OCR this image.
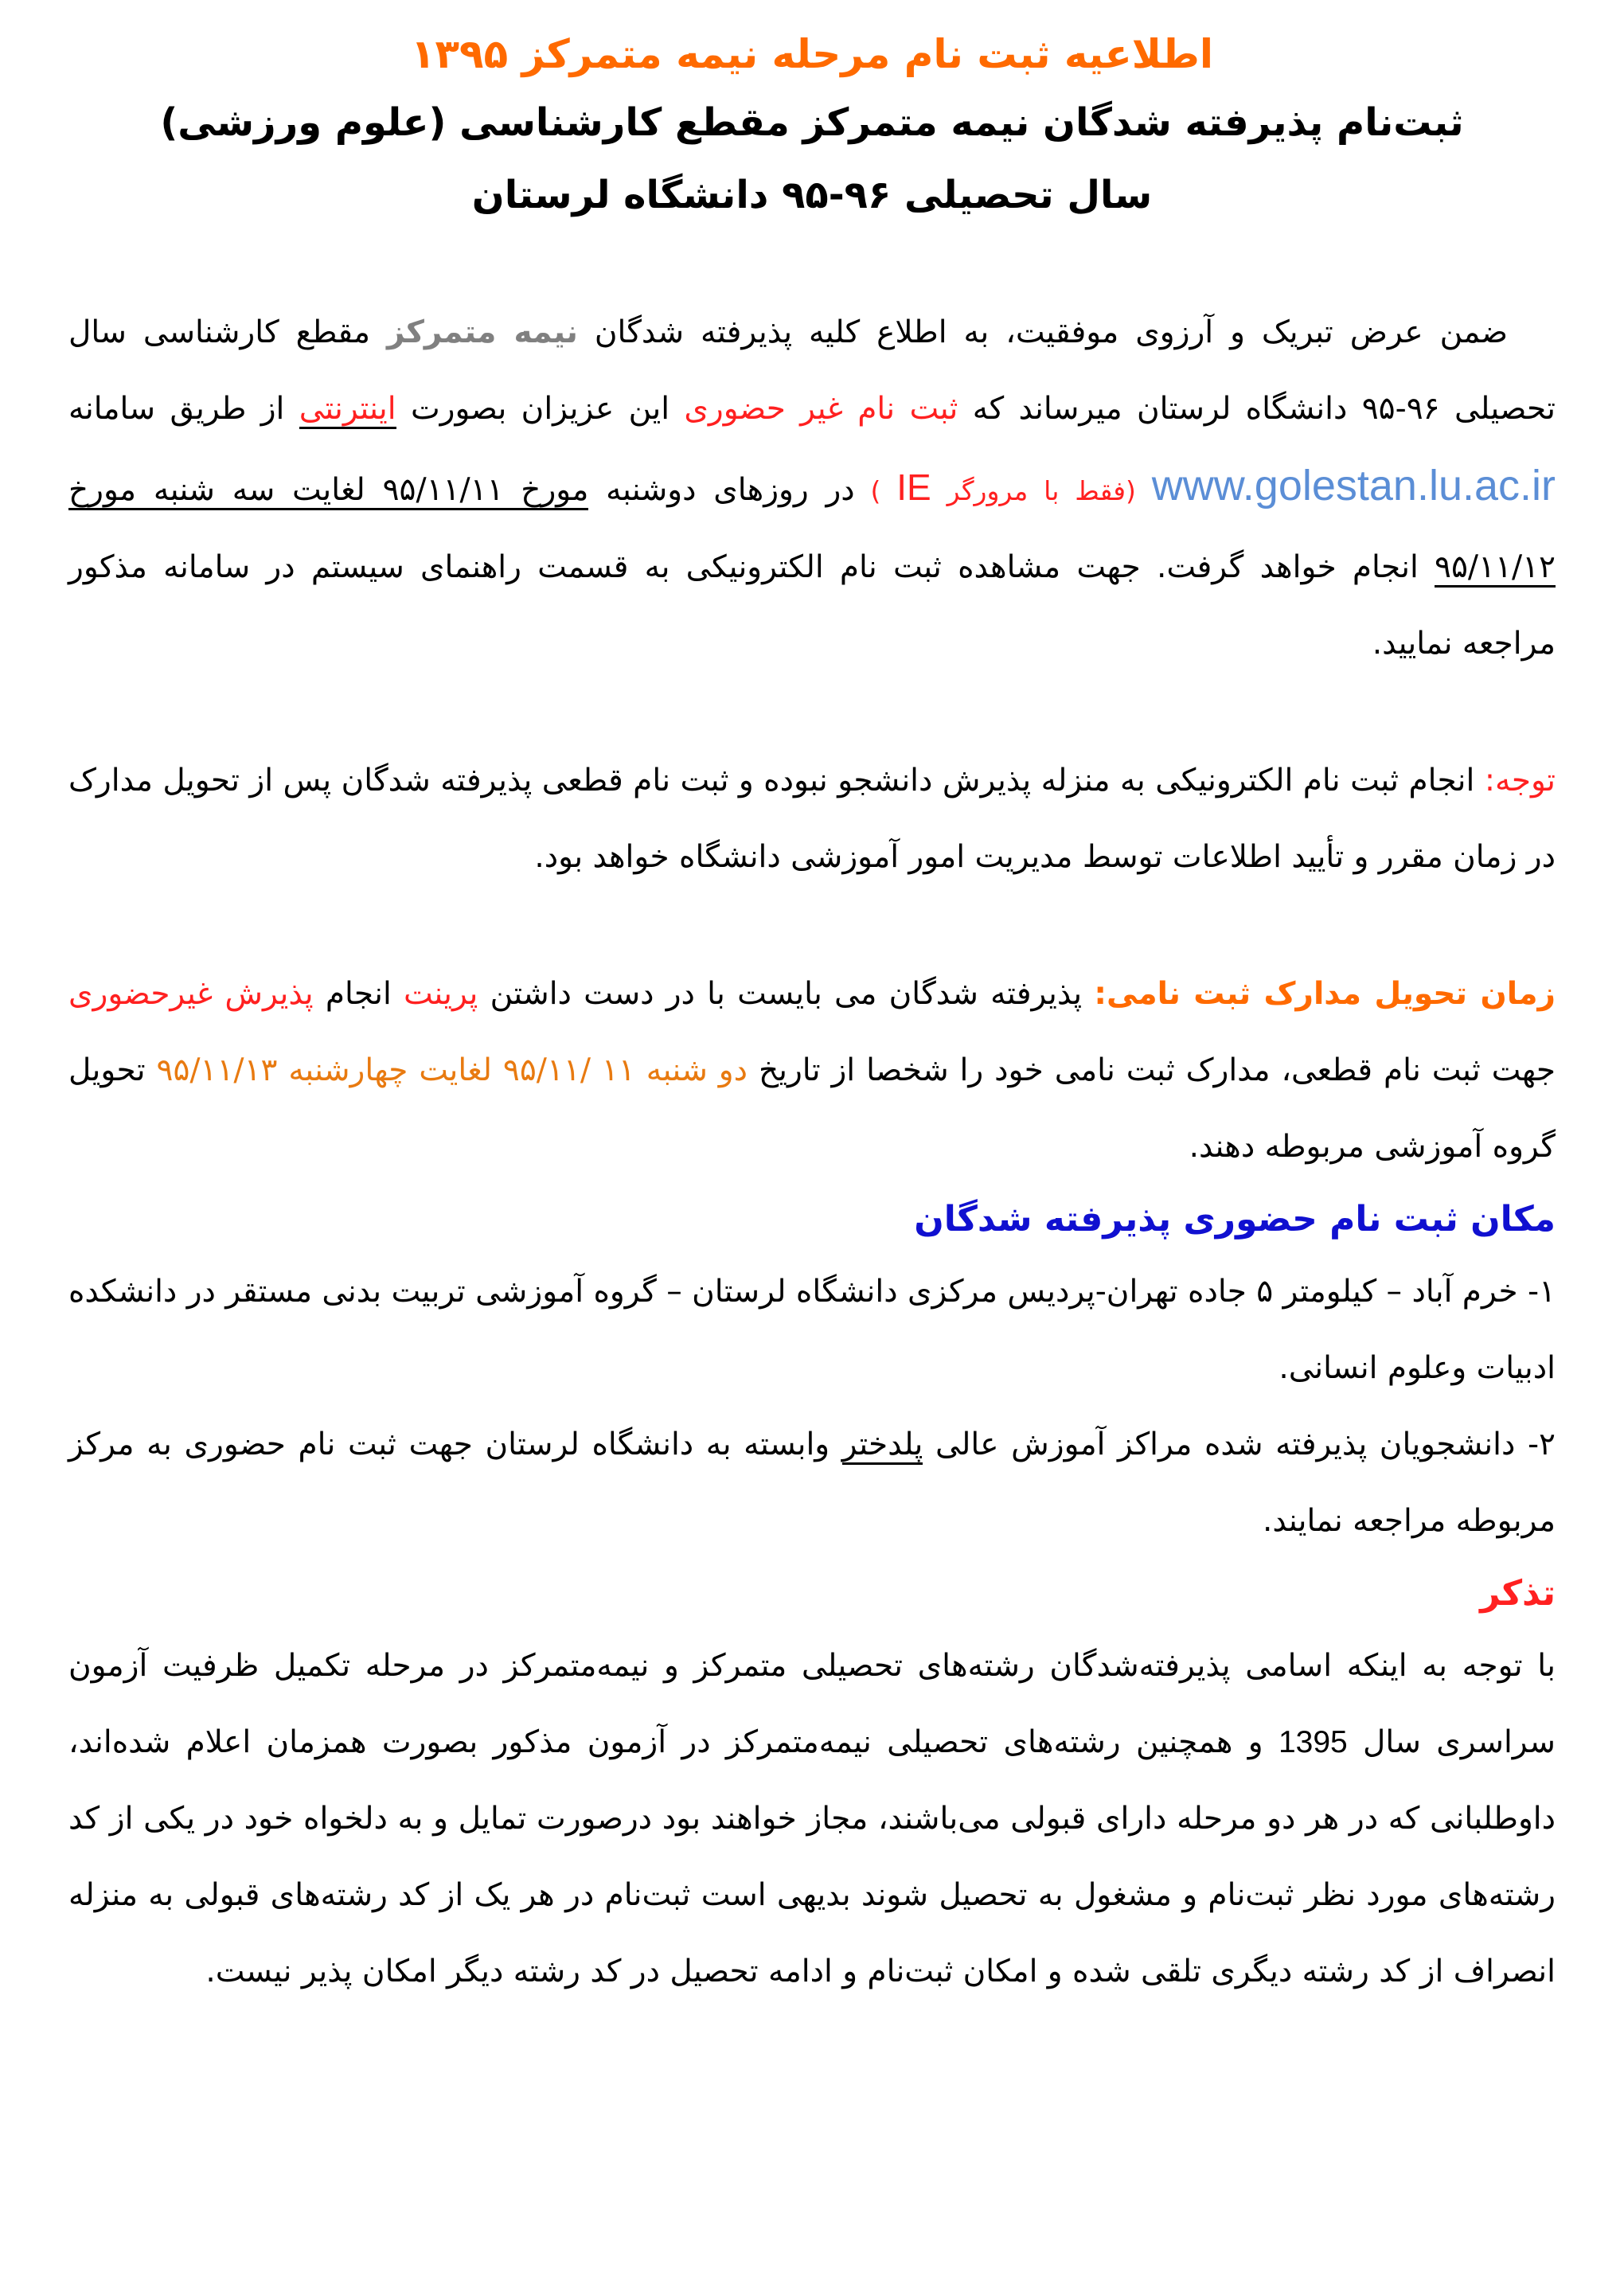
اطلاعیه ثبت نام مرحله نیمه متمرکز ۱۳۹۵
ثبت‌نام پذیرفته شدگان نیمه متمرکز مقطع کارشناسی (علوم ورزشی)
سال تحصیلی ۹۶-۹۵ دانشگاه لرستان

ضمن عرض تبریک و آرزوی موفقیت، به اطلاع کلیه پذیرفته شدگان نیمه متمرکز مقطع کارشناسی سال تحصیلی ۹۶-۹۵ دانشگاه لرستان میرساند که ثبت نام غیر حضوری این عزیزان بصورت اینترنتی از طریق سامانه www.golestan.lu.ac.ir (فقط با مرورگر IE ) در روزهای دوشنبه مورخ ۹۵/۱۱/۱۱ لغایت سه شنبه مورخ ۹۵/۱۱/۱۲ انجام خواهد گرفت. جهت مشاهده ثبت نام الکترونیکی به قسمت راهنمای سیستم در سامانه مذکور مراجعه نمایید.

توجه: انجام ثبت نام الکترونیکی به منزله پذیرش دانشجو نبوده و ثبت نام قطعی پذیرفته شدگان پس از تحویل مدارک در زمان مقرر و تأیید اطلاعات توسط مدیریت امور آموزشی دانشگاه خواهد بود.

زمان تحویل مدارک ثبت نامی: پذیرفته شدگان می بایست با در دست داشتن پرینت انجام پذیرش غیرحضوری جهت ثبت نام قطعی، مدارک ثبت نامی خود را شخصا از تاریخ دو شنبه ۱۱ /۹۵/۱۱ لغایت چهارشنبه ۹۵/۱۱/۱۳ تحویل گروه آموزشی مربوطه دهند.

مکان ثبت نام حضوری پذیرفته شدگان

۱- خرم آباد – کیلومتر ۵ جاده تهران-پردیس مرکزی دانشگاه لرستان – گروه آموزشی تربیت بدنی مستقر در دانشکده ادبیات وعلوم انسانی.

۲- دانشجویان پذیرفته شده مراکز آموزش عالی پلدختر وابسته به دانشگاه لرستان جهت ثبت نام حضوری به مرکز مربوطه مراجعه نمایند.

تذکر

با توجه به اینکه اسامی پذیرفته‌شدگان رشته‌های تحصیلی متمرکز و نیمه‌متمرکز در مرحله تکمیل ظرفیت آزمون سراسری سال 1395 و همچنین رشته‌های تحصیلی نیمه‌متمرکز در آزمون مذکور بصورت همزمان اعلام شده‌اند، داوطلبانی که در هر دو مرحله دارای قبولی می‌باشند، مجاز خواهند بود درصورت تمایل و به دلخواه خود در یکی از کد رشته‌های مورد نظر ثبت‌نام و مشغول به تحصیل شوند بدیهی است ثبت‌نام در هر یک از کد رشته‌های قبولی به منزله انصراف از کد رشته دیگری تلقی شده و امکان ثبت‌نام و ادامه تحصیل در کد رشته دیگر امکان پذیر نیست.
